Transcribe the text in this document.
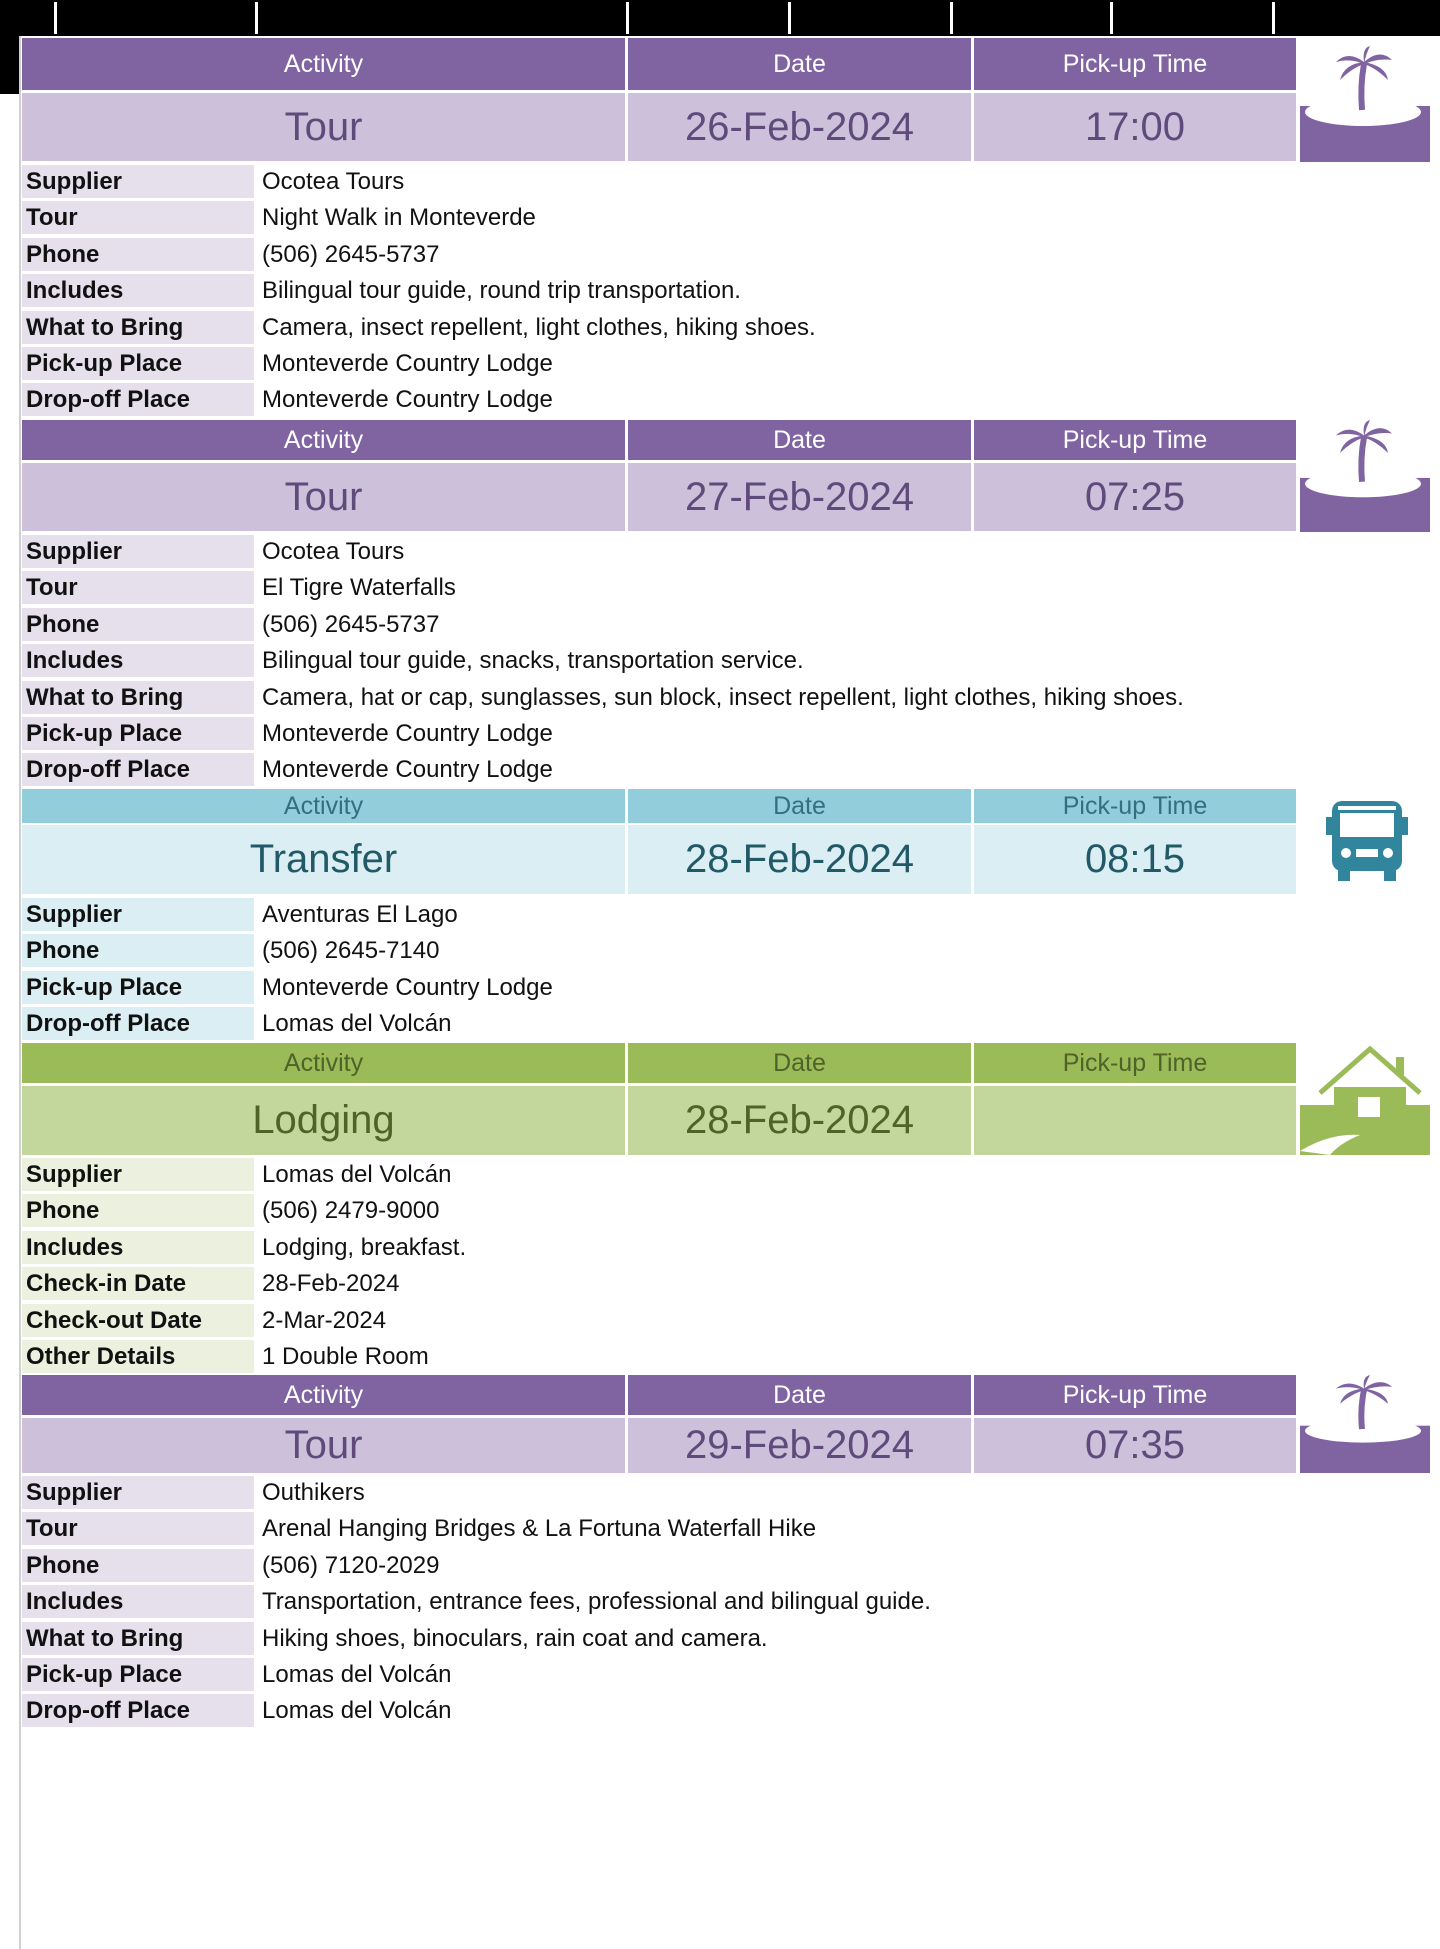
Activity	Date	Pick-up Time
Tour	26-Feb-2024	17:00
Supplier	Ocotea Tours
Tour	Night Walk in Monteverde
Phone	(506) 2645-5737
Includes	Bilingual tour guide, round trip transportation.
What to Bring	Camera, insect repellent, light clothes, hiking shoes.
Pick-up Place	Monteverde Country Lodge
Drop-off Place	Monteverde Country Lodge
Activity	Date	Pick-up Time
Tour	27-Feb-2024	07:25
Supplier	Ocotea Tours
Tour	El Tigre Waterfalls
Phone	(506) 2645-5737
Includes	Bilingual tour guide, snacks, transportation service.
What to Bring	Camera, hat or cap, sunglasses, sun block, insect repellent, light clothes, hiking shoes.
Pick-up Place	Monteverde Country Lodge
Drop-off Place	Monteverde Country Lodge
Activity	Date	Pick-up Time
Transfer	28-Feb-2024	08:15
Supplier	Aventuras El Lago
Phone	(506) 2645-7140
Pick-up Place	Monteverde Country Lodge
Drop-off Place	Lomas del Volcán
Activity	Date	Pick-up Time
Lodging	28-Feb-2024
Supplier	Lomas del Volcán
Phone	(506) 2479-9000
Includes	Lodging, breakfast.
Check-in Date	28-Feb-2024
Check-out Date	2-Mar-2024
Other Details	1 Double Room
Activity	Date	Pick-up Time
Tour	29-Feb-2024	07:35
Supplier	Outhikers
Tour	Arenal Hanging Bridges & La Fortuna Waterfall Hike
Phone	(506) 7120-2029
Includes	Transportation, entrance fees, professional and bilingual guide.
What to Bring	Hiking shoes, binoculars, rain coat and camera.
Pick-up Place	Lomas del Volcán
Drop-off Place	Lomas del Volcán
